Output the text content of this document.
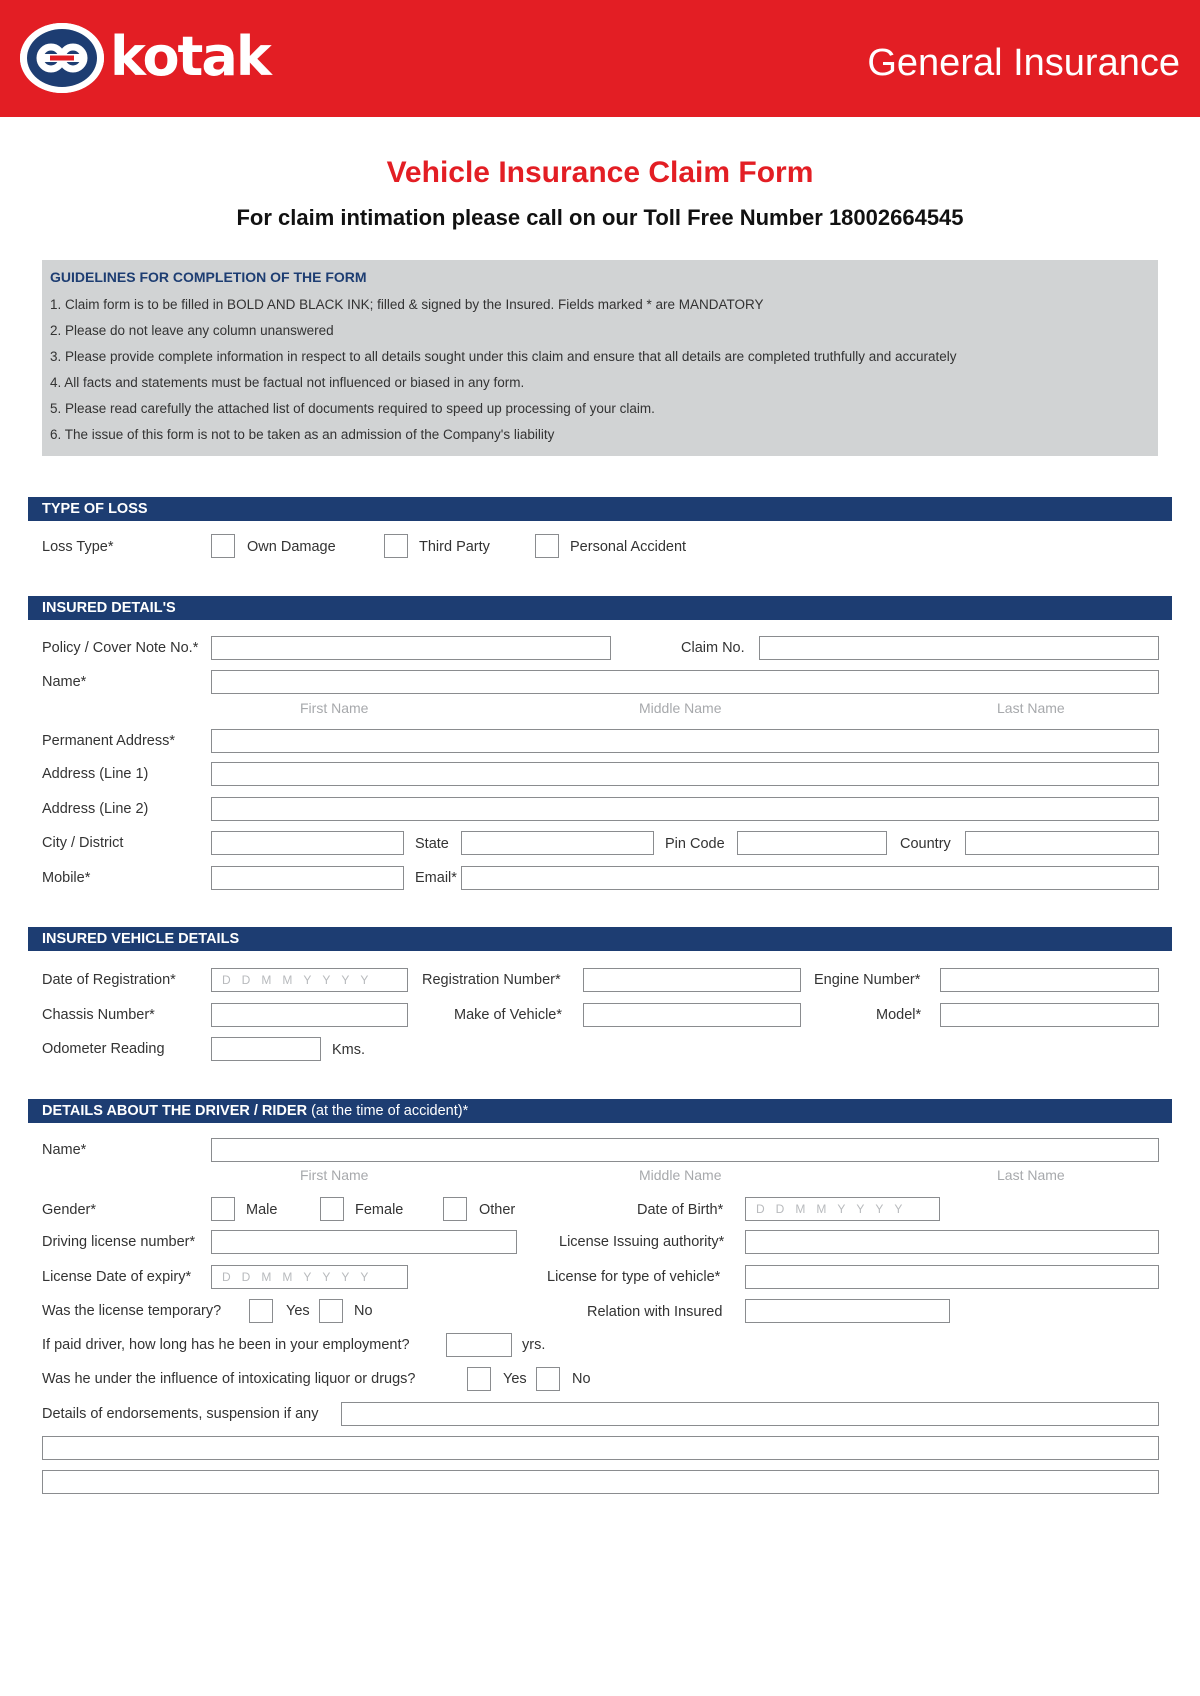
kotak	General Insurance
Vehicle Insurance Claim Form
For claim intimation please call on our Toll Free Number 18002664545
GUIDELINES FOR COMPLETION OF THE FORM
1. Claim form is to be filled in BOLD AND BLACK INK; filled & signed by the Insured. Fields marked * are MANDATORY
2. Please do not leave any column unanswered
3. Please provide complete information in respect to all details sought under this claim and ensure that all details are completed truthfully and accurately
4. All facts and statements must be factual not influenced or biased in any form.
5. Please read carefully the attached list of documents required to speed up processing of your claim.
6. The issue of this form is not to be taken as an admission of the Company's liability
TYPE OF LOSS
Loss Type*	Own Damage	Third Party	Personal Accident
INSURED DETAIL'S
Policy / Cover Note No.*	Claim No.
Name*
First Name	Middle Name	Last Name
Permanent Address*
Address (Line 1)
Address (Line 2)
City / District	State	Pin Code	Country
Mobile*	Email*
INSURED VEHICLE DETAILS
Date of Registration*	DDMMYYYY	Registration Number*	Engine Number*
Chassis Number*	Make of Vehicle*	Model*
Odometer Reading	Kms.
DETAILS ABOUT THE DRIVER / RIDER (at the time of accident)*
Name*
First Name	Middle Name	Last Name
Gender*	Male	Female	Other	Date of Birth*	DDMMYYYY
Driving license number*	License Issuing authority*
License Date of expiry*	DDMMYYYY	License for type of vehicle*
Was the license temporary?	Yes	No	Relation with Insured
If paid driver, how long has he been in your employment?	yrs.
Was he under the influence of intoxicating liquor or drugs?	Yes	No
Details of endorsements, suspension if any
